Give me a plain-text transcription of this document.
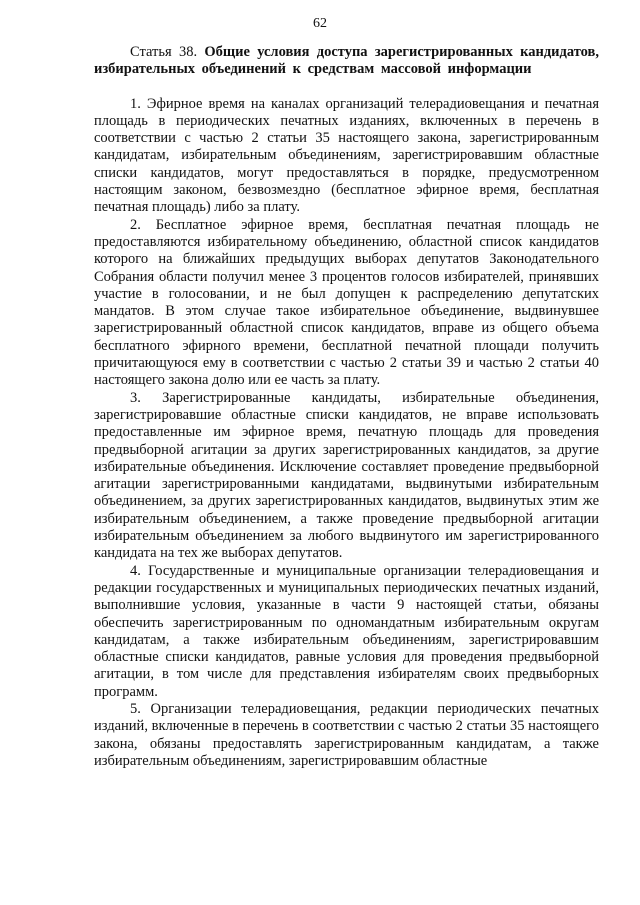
62

Статья 38. Общие условия доступа зарегистрированных кандидатов, избирательных объединений к средствам массовой информации

1. Эфирное время на каналах организаций телерадиовещания и печатная площадь в периодических печатных изданиях, включенных в перечень в соответствии с частью 2 статьи 35 настоящего закона, зарегистрированным кандидатам, избирательным объединениям, зарегистрировавшим областные списки кандидатов, могут предоставляться в порядке, предусмотренном настоящим законом, безвозмездно (бесплатное эфирное время, бесплатная печатная площадь) либо за плату.

2. Бесплатное эфирное время, бесплатная печатная площадь не предоставляются избирательному объединению, областной список кандидатов которого на ближайших предыдущих выборах депутатов Законодательного Собрания области получил менее 3 процентов голосов избирателей, принявших участие в голосовании, и не был допущен к распределению депутатских мандатов. В этом случае такое избирательное объединение, выдвинувшее зарегистрированный областной список кандидатов, вправе из общего объема бесплатного эфирного времени, бесплатной печатной площади получить причитающуюся ему в соответствии с частью 2 статьи 39 и частью 2 статьи 40 настоящего закона долю или ее часть за плату.

3. Зарегистрированные кандидаты, избирательные объединения, зарегистрировавшие областные списки кандидатов, не вправе использовать предоставленные им эфирное время, печатную площадь для проведения предвыборной агитации за других зарегистрированных кандидатов, за другие избирательные объединения. Исключение составляет проведение предвыборной агитации зарегистрированными кандидатами, выдвинутыми избирательным объединением, за других зарегистрированных кандидатов, выдвинутых этим же избирательным объединением, а также проведение предвыборной агитации избирательным объединением за любого выдвинутого им зарегистрированного кандидата на тех же выборах депутатов.

4. Государственные и муниципальные организации телерадиовещания и редакции государственных и муниципальных периодических печатных изданий, выполнившие условия, указанные в части 9 настоящей статьи, обязаны обеспечить зарегистрированным по одномандатным избирательным округам кандидатам, а также избирательным объединениям, зарегистрировавшим областные списки кандидатов, равные условия для проведения предвыборной агитации, в том числе для представления избирателям своих предвыборных программ.

5. Организации телерадиовещания, редакции периодических печатных изданий, включенные в перечень в соответствии с частью 2 статьи 35 настоящего закона, обязаны предоставлять зарегистрированным кандидатам, а также избирательным объединениям, зарегистрировавшим областные
